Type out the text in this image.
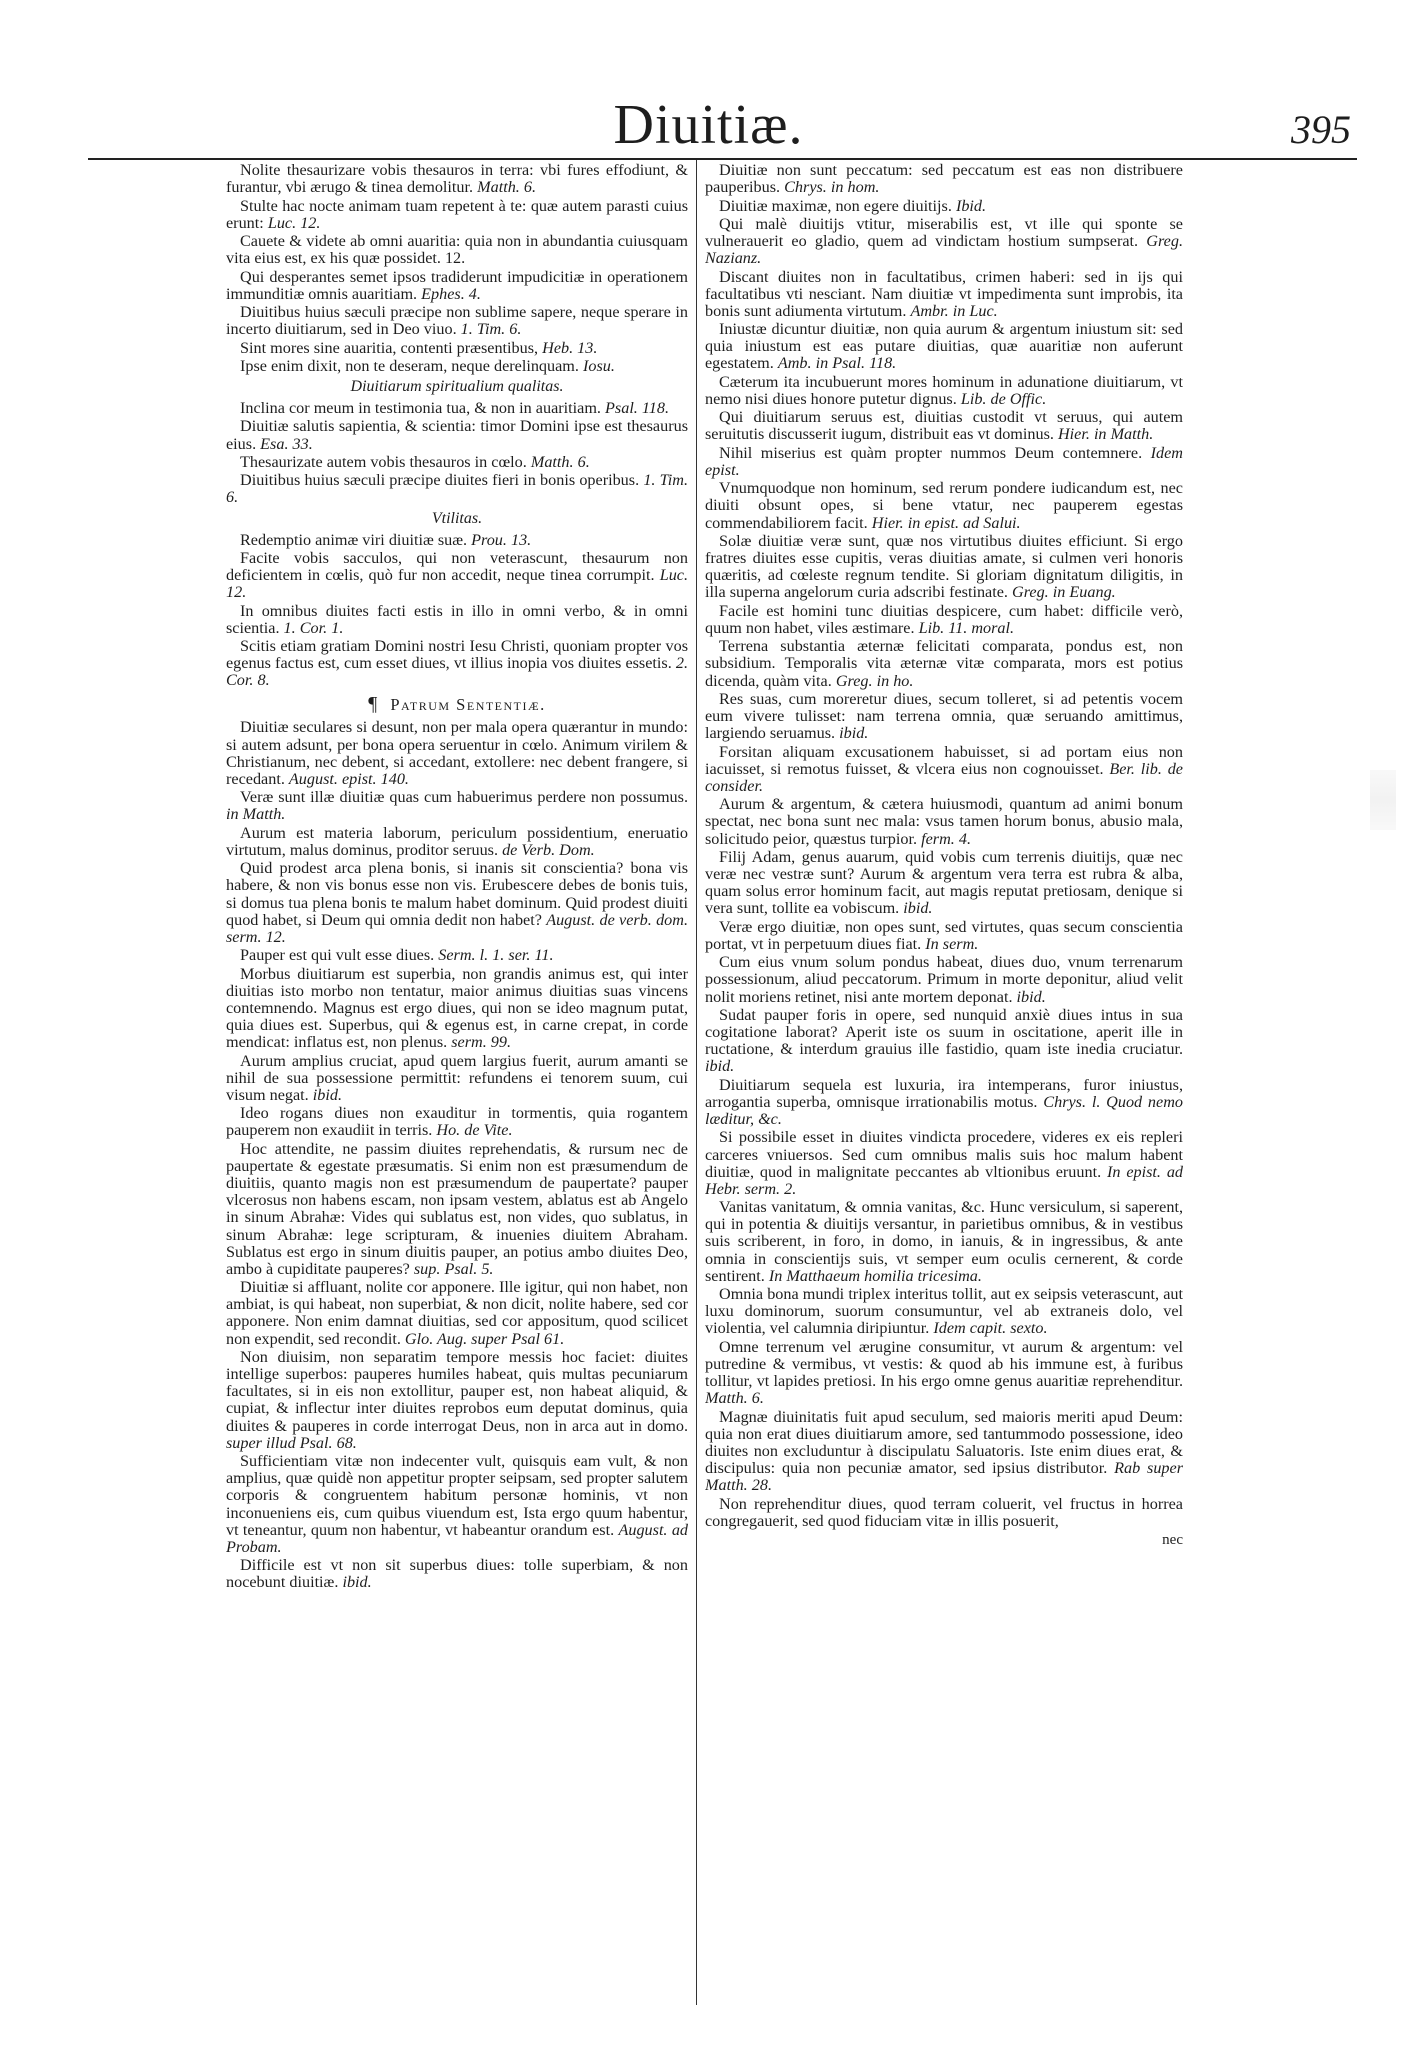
Diuitiæ.	395

Nolite thesaurizare vobis thesauros in terra: vbi fures effodiunt, & furantur, vbi ærugo & tinea demolitur. Matth. 6.

Stulte hac nocte animam tuam repetent à te: quæ autem parasti cuius erunt: Luc. 12.

Cauete & videte ab omni auaritia: quia non in abundantia cuiusquam vita eius est, ex his quæ possidet. 12.

Qui desperantes semet ipsos tradiderunt impudicitiæ in operationem immunditiæ omnis auaritiam. Ephes. 4.

Diuitibus huius sæculi præcipe non sublime sapere, neque sperare in incerto diuitiarum, sed in Deo viuo. 1. Tim. 6.

Sint mores sine auaritia, contenti præsentibus, Heb. 13.

Ipse enim dixit, non te deseram, neque derelinquam. Iosu.

Diuitiarum spiritualium qualitas.

Inclina cor meum in testimonia tua, & non in auaritiam. Psal. 118.

Diuitiæ salutis sapientia, & scientia: timor Domini ipse est thesaurus eius. Esa. 33.

Thesaurizate autem vobis thesauros in cœlo. Matth. 6.

Diuitibus huius sæculi præcipe diuites fieri in bonis operibus. 1. Tim. 6.

Vtilitas.

Redemptio animæ viri diuitiæ suæ. Prou. 13.

Facite vobis sacculos, qui non veterascunt, thesaurum non deficientem in cœlis, quò fur non accedit, neque tinea corrumpit. Luc. 12.

In omnibus diuites facti estis in illo in omni verbo, & in omni scientia. 1. Cor. 1.

Scitis etiam gratiam Domini nostri Iesu Christi, quoniam propter vos egenus factus est, cum esset diues, vt illius inopia vos diuites essetis. 2. Cor. 8.

¶ Patrum Sententiæ.

Diuitiæ seculares si desunt, non per mala opera quærantur in mundo: si autem adsunt, per bona opera seruentur in cœlo. Animum virilem & Christianum, nec debent, si accedant, extollere: nec debent frangere, si recedant. August. epist. 140.

Veræ sunt illæ diuitiæ quas cum habuerimus perdere non possumus. in Matth.

Aurum est materia laborum, periculum possidentium, eneruatio virtutum, malus dominus, proditor seruus. de Verb. Dom.

Quid prodest arca plena bonis, si inanis sit conscientia? bona vis habere, & non vis bonus esse non vis. Erubescere debes de bonis tuis, si domus tua plena bonis te malum habet dominum. Quid prodest diuiti quod habet, si Deum qui omnia dedit non habet? August. de verb. dom. serm. 12.

Pauper est qui vult esse diues. Serm. l. 1. ser. 11.

Morbus diuitiarum est superbia, non grandis animus est, qui inter diuitias isto morbo non tentatur, maior animus diuitias suas vincens contemnendo. Magnus est ergo diues, qui non se ideo magnum putat, quia diues est. Superbus, qui & egenus est, in carne crepat, in corde mendicat: inflatus est, non plenus. serm. 99.

Aurum amplius cruciat, apud quem largius fuerit, aurum amanti se nihil de sua possessione permittit: refundens ei tenorem suum, cui visum negat. ibid.

Ideo rogans diues non exauditur in tormentis, quia rogantem pauperem non exaudiit in terris. Ho. de Vite.

Hoc attendite, ne passim diuites reprehendatis, & rursum nec de paupertate & egestate præsumatis. Si enim non est præsumendum de diuitiis, quanto magis non est præsumendum de paupertate? pauper vlcerosus non habens escam, non ipsam vestem, ablatus est ab Angelo in sinum Abrahæ: Vides qui sublatus est, non vides, quo sublatus, in sinum Abrahæ: lege scripturam, & inuenies diuitem Abraham. Sublatus est ergo in sinum diuitis pauper, an potius ambo diuites Deo, ambo à cupiditate pauperes? sup. Psal. 5.

Diuitiæ si affluant, nolite cor apponere. Ille igitur, qui non habet, non ambiat, is qui habeat, non superbiat, & non dicit, nolite habere, sed cor apponere. Non enim damnat diuitias, sed cor appositum, quod scilicet non expendit, sed recondit. Glo. Aug. super Psal 61.

Non diuisim, non separatim tempore messis hoc faciet: diuites intellige superbos: pauperes humiles habeat, quis multas pecuniarum facultates, si in eis non extollitur, pauper est, non habeat aliquid, & cupiat, & inflectur inter diuites reprobos eum deputat dominus, quia diuites & pauperes in corde interrogat Deus, non in arca aut in domo. super illud Psal. 68.

Sufficientiam vitæ non indecenter vult, quisquis eam vult, & non amplius, quæ quidè non appetitur propter seipsam, sed propter salutem corporis & congruentem habitum personæ hominis, vt non inconueniens eis, cum quibus viuendum est, Ista ergo quum habentur, vt teneantur, quum non habentur, vt habeantur orandum est. August. ad Probam.

Difficile est vt non sit superbus diues: tolle superbiam, & non nocebunt diuitiæ. ibid.

Diuitiæ non sunt peccatum: sed peccatum est eas non distribuere pauperibus. Chrys. in hom.

Diuitiæ maximæ, non egere diuitijs. Ibid.

Qui malè diuitijs vtitur, miserabilis est, vt ille qui sponte se vulnerauerit eo gladio, quem ad vindictam hostium sumpserat. Greg. Nazianz.

Discant diuites non in facultatibus, crimen haberi: sed in ijs qui facultatibus vti nesciant. Nam diuitiæ vt impedimenta sunt improbis, ita bonis sunt adiumenta virtutum. Ambr. in Luc.

Iniustæ dicuntur diuitiæ, non quia aurum & argentum iniustum sit: sed quia iniustum est eas putare diuitias, quæ auaritiæ non auferunt egestatem. Amb. in Psal. 118.

Cæterum ita incubuerunt mores hominum in adunatione diuitiarum, vt nemo nisi diues honore putetur dignus. Lib. de Offic.

Qui diuitiarum seruus est, diuitias custodit vt seruus, qui autem seruitutis discusserit iugum, distribuit eas vt dominus. Hier. in Matth.

Nihil miserius est quàm propter nummos Deum contemnere. Idem epist.

Vnumquodque non hominum, sed rerum pondere iudicandum est, nec diuiti obsunt opes, si bene vtatur, nec pauperem egestas commendabiliorem facit. Hier. in epist. ad Salui.

Solæ diuitiæ veræ sunt, quæ nos virtutibus diuites efficiunt. Si ergo fratres diuites esse cupitis, veras diuitias amate, si culmen veri honoris quæritis, ad cœleste regnum tendite. Si gloriam dignitatum diligitis, in illa superna angelorum curia adscribi festinate. Greg. in Euang.

Facile est homini tunc diuitias despicere, cum habet: difficile verò, quum non habet, viles æstimare. Lib. 11. moral.

Terrena substantia æternæ felicitati comparata, pondus est, non subsidium. Temporalis vita æternæ vitæ comparata, mors est potius dicenda, quàm vita. Greg. in ho.

Res suas, cum moreretur diues, secum tolleret, si ad petentis vocem eum vivere tulisset: nam terrena omnia, quæ seruando amittimus, largiendo seruamus. ibid.

Forsitan aliquam excusationem habuisset, si ad portam eius non iacuisset, si remotus fuisset, & vlcera eius non cognouisset. Ber. lib. de consider.

Aurum & argentum, & cætera huiusmodi, quantum ad animi bonum spectat, nec bona sunt nec mala: vsus tamen horum bonus, abusio mala, solicitudo peior, quæstus turpior. ferm. 4.

Filij Adam, genus auarum, quid vobis cum terrenis diuitijs, quæ nec veræ nec vestræ sunt? Aurum & argentum vera terra est rubra & alba, quam solus error hominum facit, aut magis reputat pretiosam, denique si vera sunt, tollite ea vobiscum. ibid.

Veræ ergo diuitiæ, non opes sunt, sed virtutes, quas secum conscientia portat, vt in perpetuum diues fiat. In serm.

Cum eius vnum solum pondus habeat, diues duo, vnum terrenarum possessionum, aliud peccatorum. Primum in morte deponitur, aliud velit nolit moriens retinet, nisi ante mortem deponat. ibid.

Sudat pauper foris in opere, sed nunquid anxiè diues intus in sua cogitatione laborat? Aperit iste os suum in oscitatione, aperit ille in ructatione, & interdum grauius ille fastidio, quam iste inedia cruciatur. ibid.

Diuitiarum sequela est luxuria, ira intemperans, furor iniustus, arrogantia superba, omnisque irrationabilis motus. Chrys. l. Quod nemo læditur, &c.

Si possibile esset in diuites vindicta procedere, videres ex eis repleri carceres vniuersos. Sed cum omnibus malis suis hoc malum habent diuitiæ, quod in malignitate peccantes ab vltionibus eruunt. In epist. ad Hebr. serm. 2.

Vanitas vanitatum, & omnia vanitas, &c. Hunc versiculum, si saperent, qui in potentia & diuitijs versantur, in parietibus omnibus, & in vestibus suis scriberent, in foro, in domo, in ianuis, & in ingressibus, & ante omnia in conscientijs suis, vt semper eum oculis cernerent, & corde sentirent. In Matthaeum homilia tricesima.

Omnia bona mundi triplex interitus tollit, aut ex seipsis veterascunt, aut luxu dominorum, suorum consumuntur, vel ab extraneis dolo, vel violentia, vel calumnia diripiuntur. Idem capit. sexto.

Omne terrenum vel ærugine consumitur, vt aurum & argentum: vel putredine & vermibus, vt vestis: & quod ab his immune est, à furibus tollitur, vt lapides pretiosi. In his ergo omne genus auaritiæ reprehenditur. Matth. 6.

Magnæ diuinitatis fuit apud seculum, sed maioris meriti apud Deum: quia non erat diues diuitiarum amore, sed tantummodo possessione, ideo diuites non excluduntur à discipulatu Saluatoris. Iste enim diues erat, & discipulus: quia non pecuniæ amator, sed ipsius distributor. Rab super Matth. 28.

Non reprehenditur diues, quod terram coluerit, vel fructus in horrea congregauerit, sed quod fiduciam vitæ in illis posuerit,

nec
